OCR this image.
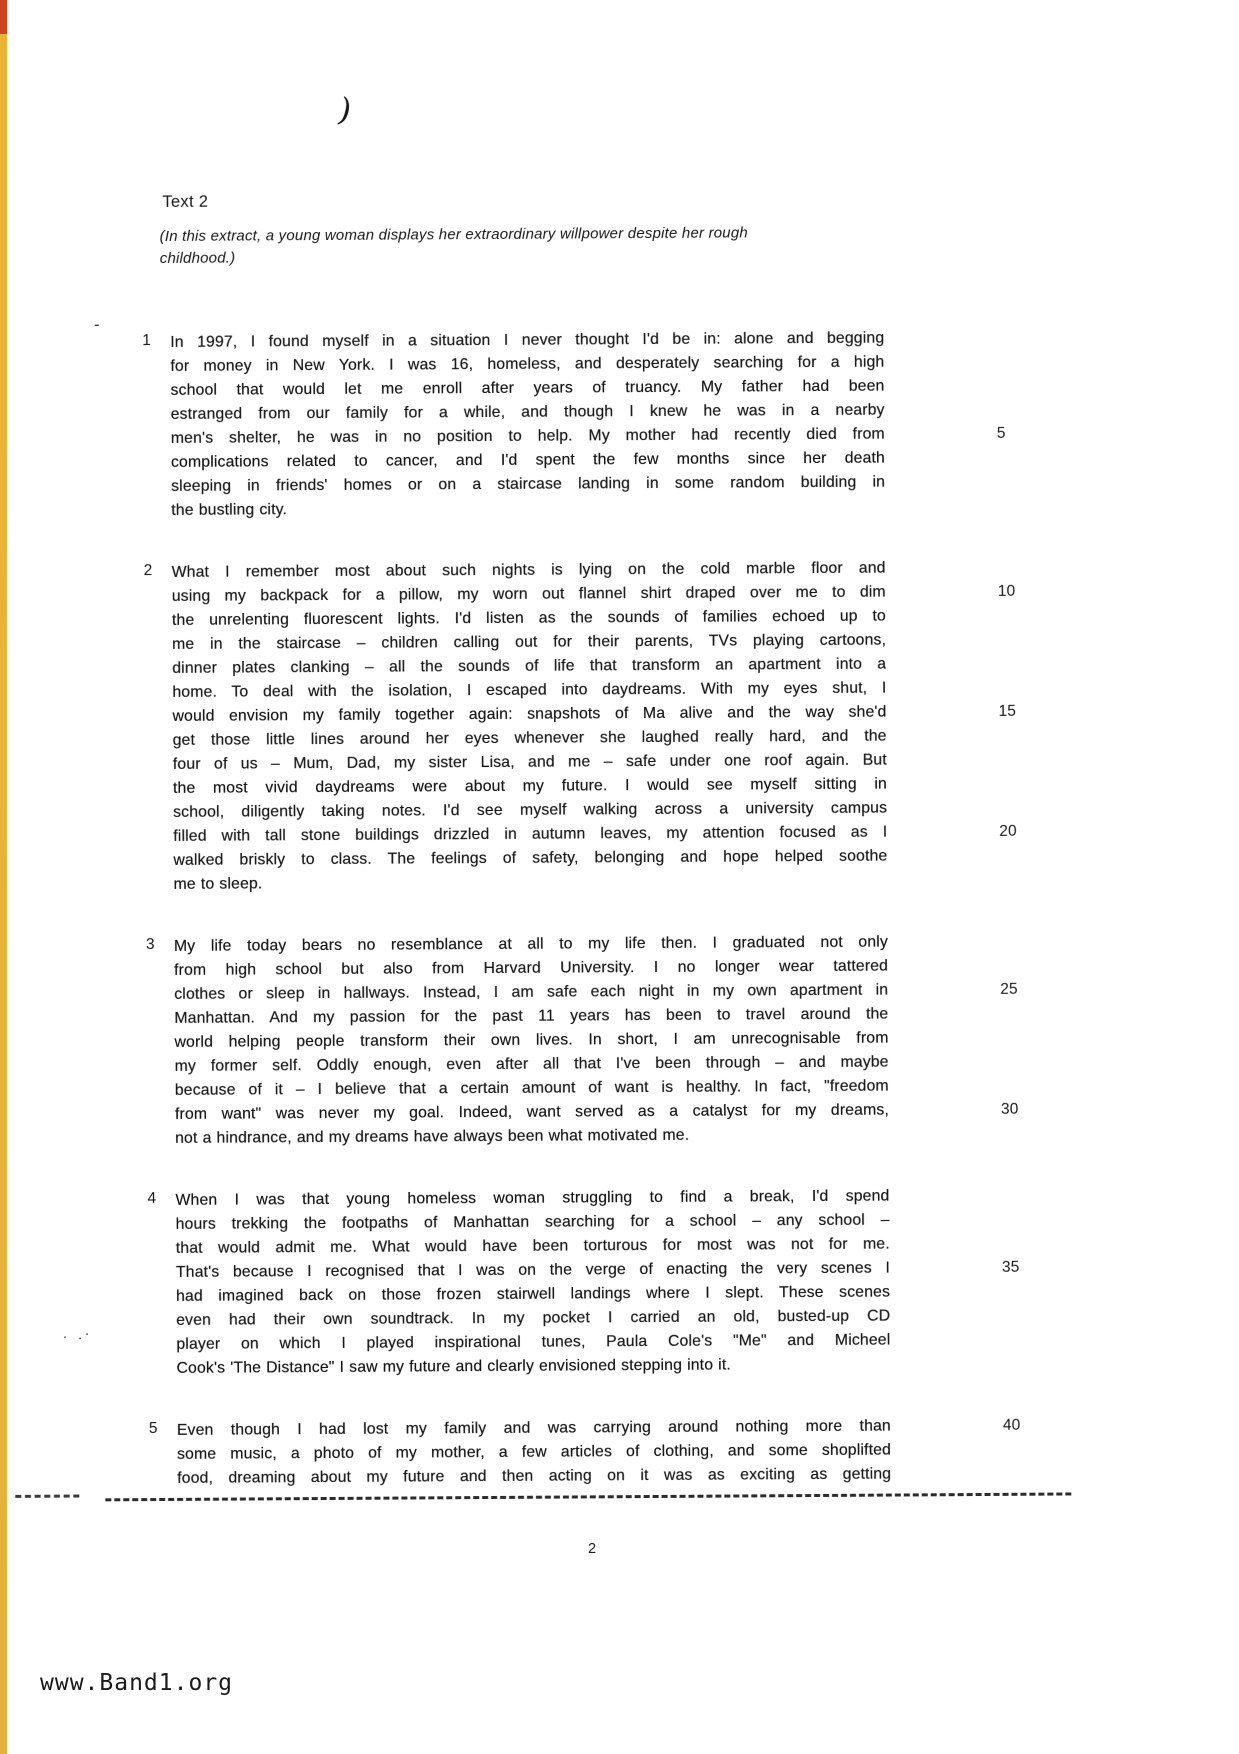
)
Text 2
(In this extract, a young woman displays her extraordinary willpower despite her rough
childhood.)
-
1	In 1997, I found myself in a situation I never thought I'd be in: alone and begging
for money in New York. I was 16, homeless, and desperately searching for a high
school that would let me enroll after years of truancy. My father had been
estranged from our family for a while, and though I knew he was in a nearby
men's shelter, he was in no position to help. My mother had recently died from	5
complications related to cancer, and I'd spent the few months since her death
sleeping in friends' homes or on a staircase landing in some random building in
the bustling city.
2	What I remember most about such nights is lying on the cold marble floor and
using my backpack for a pillow, my worn out flannel shirt draped over me to dim	10
the unrelenting fluorescent lights. I'd listen as the sounds of families echoed up to
me in the staircase – children calling out for their parents, TVs playing cartoons,
dinner plates clanking – all the sounds of life that transform an apartment into a
home. To deal with the isolation, I escaped into daydreams. With my eyes shut, I
would envision my family together again: snapshots of Ma alive and the way she'd	15
get those little lines around her eyes whenever she laughed really hard, and the
four of us – Mum, Dad, my sister Lisa, and me – safe under one roof again. But
the most vivid daydreams were about my future. I would see myself sitting in
school, diligently taking notes. I'd see myself walking across a university campus
filled with tall stone buildings drizzled in autumn leaves, my attention focused as I	20
walked briskly to class. The feelings of safety, belonging and hope helped soothe
me to sleep.
3	My life today bears no resemblance at all to my life then. I graduated not only
from high school but also from Harvard University. I no longer wear tattered
clothes or sleep in hallways. Instead, I am safe each night in my own apartment in	25
Manhattan. And my passion for the past 11 years has been to travel around the
world helping people transform their own lives. In short, I am unrecognisable from
my former self. Oddly enough, even after all that I've been through – and maybe
because of it – I believe that a certain amount of want is healthy. In fact, "freedom
from want" was never my goal. Indeed, want served as a catalyst for my dreams,	30
not a hindrance, and my dreams have always been what motivated me.
4	When I was that young homeless woman struggling to find a break, I'd spend
hours trekking the footpaths of Manhattan searching for a school – any school –
that would admit me. What would have been torturous for most was not for me.
That's because I recognised that I was on the verge of enacting the very scenes I	35
had imagined back on those frozen stairwell landings where I slept. These scenes
even had their own soundtrack. In my pocket I carried an old, busted-up CD
player on which I played inspirational tunes, Paula Cole's "Me" and Micheel
Cook's 'The Distance" I saw my future and clearly envisioned stepping into it.
5	Even though I had lost my family and was carrying around nothing more than	40
some music, a photo of my mother, a few articles of clothing, and some shoplifted
food, dreaming about my future and then acting on it was as exciting as getting
· .·
2
www.Band1.org
